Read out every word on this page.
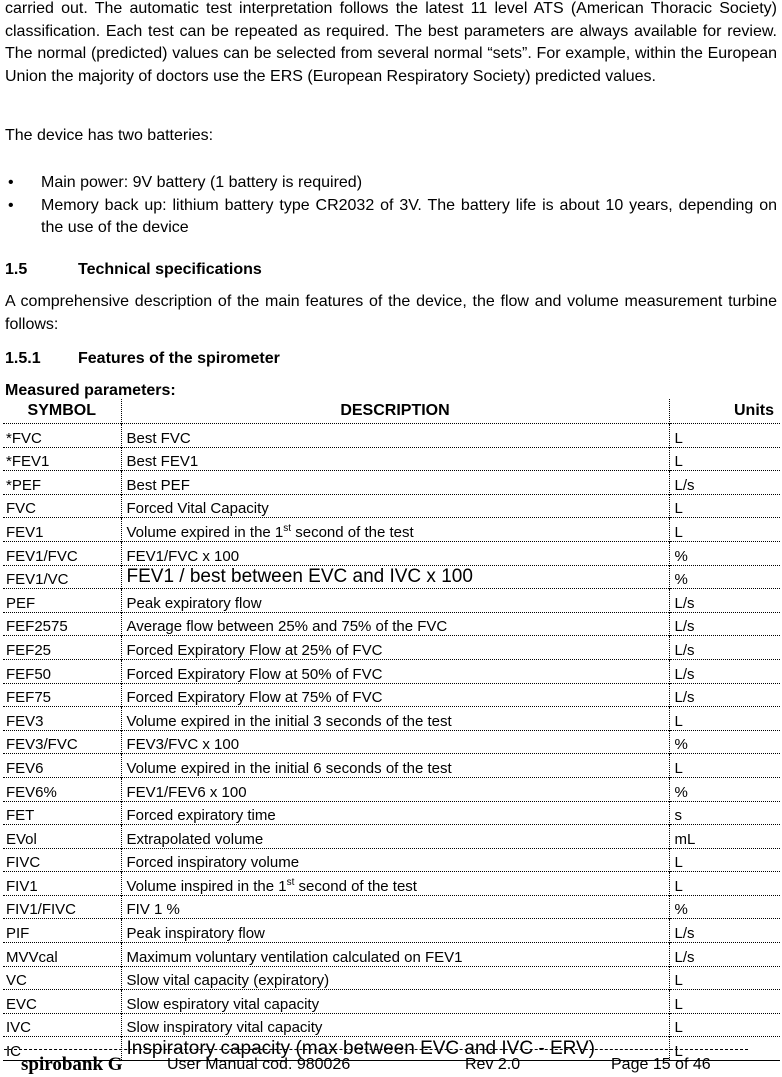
carried out. The automatic test interpretation follows the latest 11 level ATS (American Thoracic Society) classification. Each test can be repeated as required. The best parameters are always available for review. The normal (predicted) values can be selected from several normal “sets”. For example, within the European Union the majority of doctors use the ERS (European Respiratory Society) predicted values.

The device has two batteries:

• Main power: 9V battery (1 battery is required)
• Memory back up: lithium battery type CR2032 of 3V. The battery life is about 10 years, depending on the use of the device
1.5	Technical specifications

A comprehensive description of the main features of the device, the flow and volume measurement turbine follows:

1.5.1 Features of the spirometer
Measured parameters:
SYMBOL	DESCRIPTION	Units
*FVC	Best FVC	L
*FEV1	Best FEV1	L
*PEF	Best PEF	L/s
FVC	Forced Vital Capacity	L
FEV1	Volume expired in the 1st second of the test	L
FEV1/FVC	FEV1/FVC x 100	%
FEV1/VC	FEV1 / best between EVC and IVC x 100	%
PEF	Peak expiratory flow	L/s
FEF2575	Average flow between 25% and 75% of the FVC	L/s
FEF25	Forced Expiratory Flow at 25% of FVC	L/s
FEF50	Forced Expiratory Flow at 50% of FVC	L/s
FEF75	Forced Expiratory Flow at 75% of FVC	L/s
FEV3	Volume expired in the initial 3 seconds of the test	L
FEV3/FVC	FEV3/FVC x 100	%
FEV6	Volume expired in the initial 6 seconds of the test	L
FEV6%	FEV1/FEV6 x 100	%
FET	Forced expiratory time	s
EVol	Extrapolated volume	mL
FIVC	Forced inspiratory volume	L
FIV1	Volume inspired in the 1st second of the test	L
FIV1/FIVC	FIV 1 %	%
PIF	Peak inspiratory flow	L/s
MVVcal	Maximum voluntary ventilation calculated on FEV1	L/s
VC	Slow vital capacity (expiratory)	L
EVC	Slow espiratory vital capacity	L
IVC	Slow inspiratory vital capacity	L
IC	Inspiratory capacity (max between EVC and IVC - ERV)	L
spirobank G	User Manual cod. 980026	Rev 2.0	Page 15 of 46
